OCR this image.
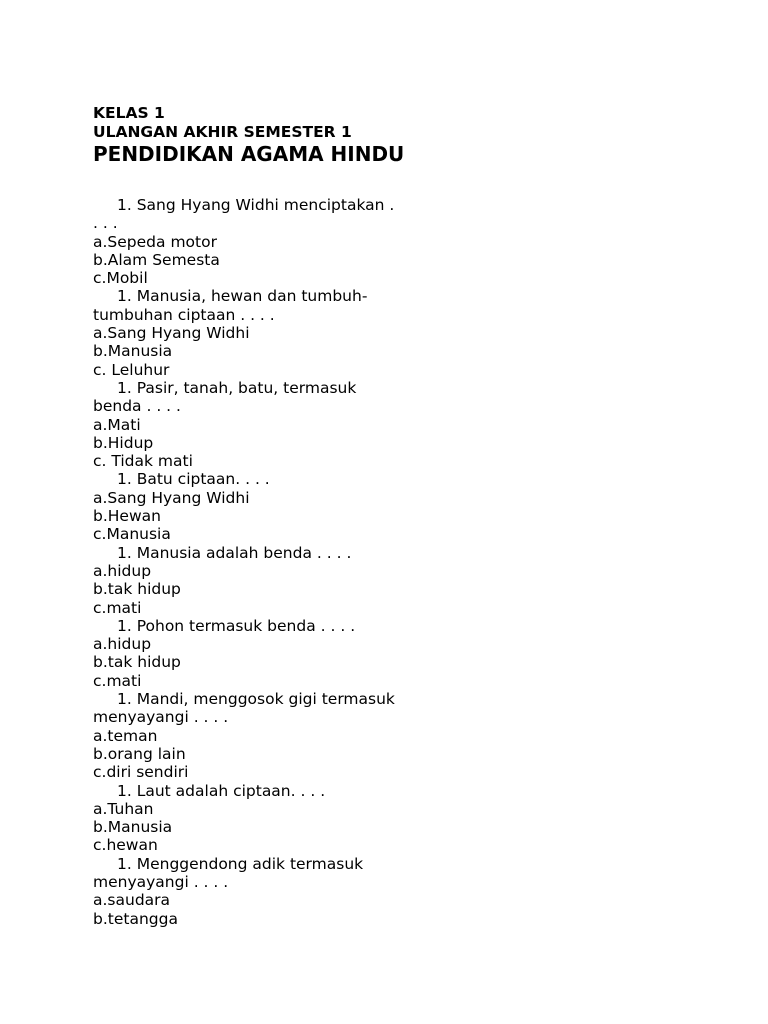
KELAS 1
ULANGAN AKHIR SEMESTER 1
PENDIDIKAN AGAMA HINDU
1. Sang Hyang Widhi menciptakan . . . .
a.Sepeda motor
b.Alam Semesta
c.Mobil
1. Manusia, hewan dan tumbuh-tumbuhan ciptaan . . . .
a.Sang Hyang Widhi
b.Manusia
c. Leluhur
1. Pasir, tanah, batu, termasuk benda . . . .
a.Mati
b.Hidup
c. Tidak mati
1. Batu ciptaan. . . .
a.Sang Hyang Widhi
b.Hewan
c.Manusia
1. Manusia adalah benda . . . .
a.hidup
b.tak hidup
c.mati
1. Pohon termasuk benda . . . .
a.hidup
b.tak hidup
c.mati
1. Mandi, menggosok gigi termasuk menyayangi . . . .
a.teman
b.orang lain
c.diri sendiri
1. Laut adalah ciptaan. . . .
a.Tuhan
b.Manusia
c.hewan
1. Menggendong adik termasuk menyayangi . . . .
a.saudara
b.tetangga
